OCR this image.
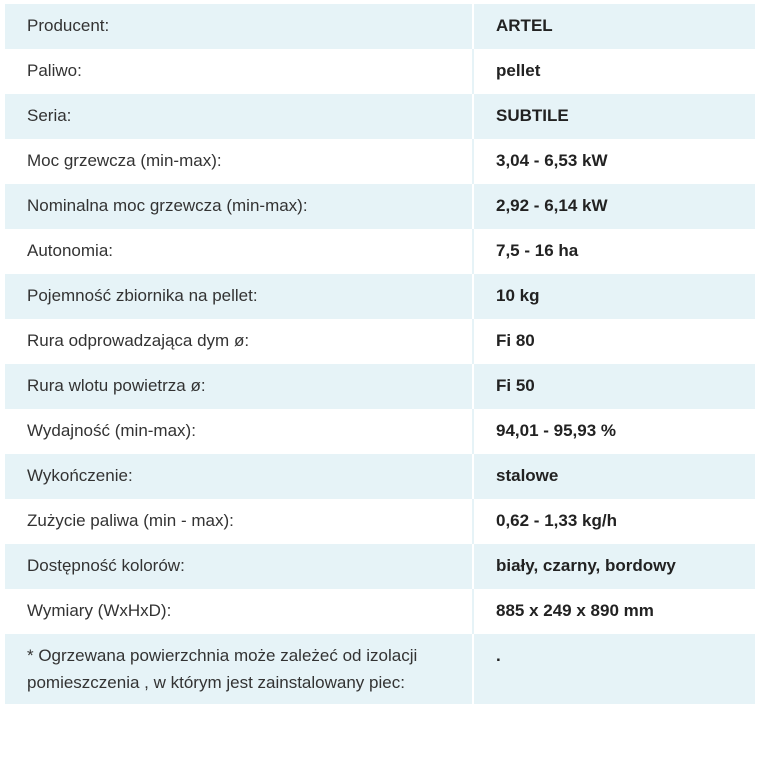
Producent:	ARTEL
Paliwo:	pellet
Seria:	SUBTILE
Moc grzewcza (min-max):	3,04 - 6,53 kW
Nominalna moc grzewcza (min-max):	2,92 - 6,14 kW
Autonomia:	7,5 - 16 ha
Pojemność zbiornika na pellet:	10 kg
Rura odprowadzająca dym ø:	Fi 80
Rura wlotu powietrza ø:	Fi 50
Wydajność (min-max):	94,01 - 95,93 %
Wykończenie:	stalowe
Zużycie paliwa (min - max):	0,62 - 1,33 kg/h
Dostępność kolorów:	biały, czarny, bordowy
Wymiary (WxHxD):	885 x 249 x 890 mm
* Ogrzewana powierzchnia może zależeć od izolacji pomieszczenia , w którym jest zainstalowany piec:	.
